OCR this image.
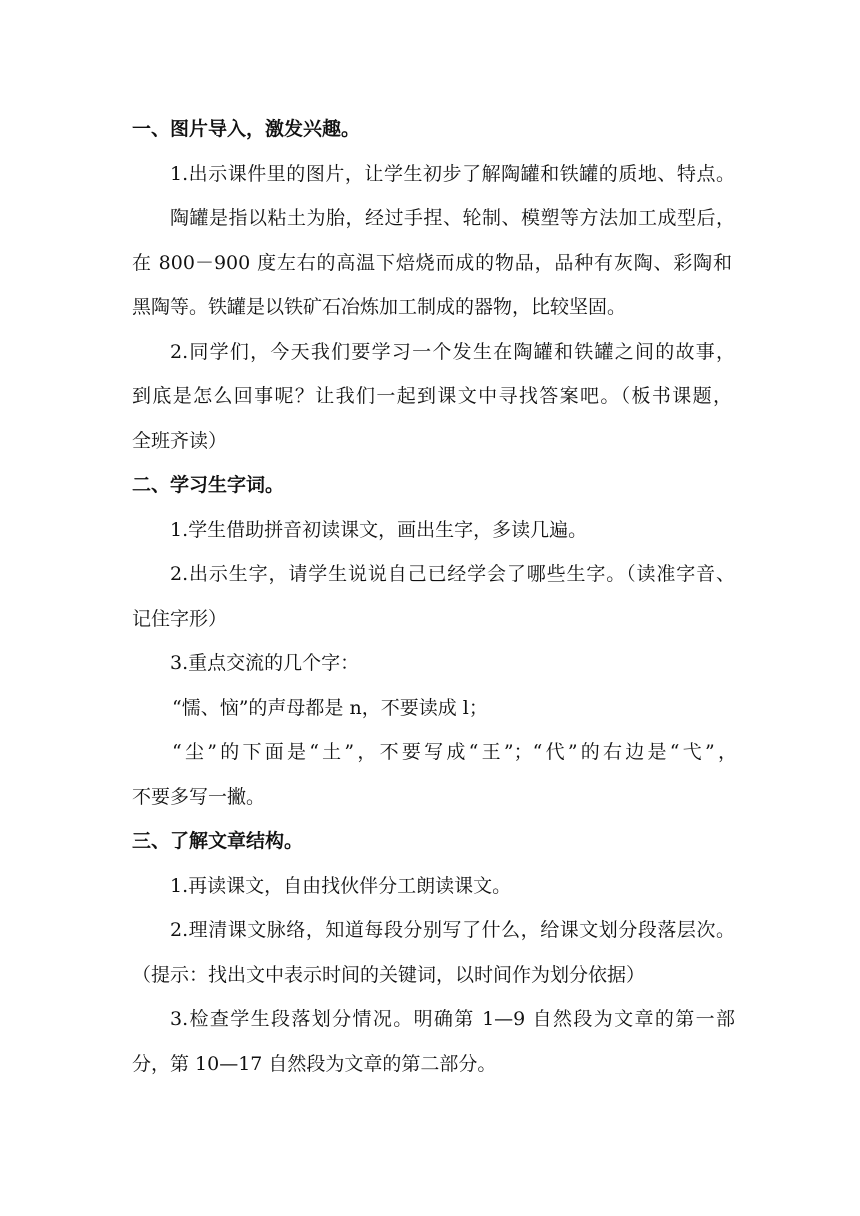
一、图片导入，激发兴趣。
1.出示课件里的图片，让学生初步了解陶罐和铁罐的质地、特点。
陶罐是指以粘土为胎，经过手捏、轮制、模塑等方法加工成型后，
在 800－900 度左右的高温下焙烧而成的物品，品种有灰陶、彩陶和
黑陶等。铁罐是以铁矿石冶炼加工制成的器物，比较坚固。
2.同学们，今天我们要学习一个发生在陶罐和铁罐之间的故事，
到底是怎么回事呢？让我们一起到课文中寻找答案吧。（板书课题，
全班齐读）
二、学习生字词。
1.学生借助拼音初读课文，画出生字，多读几遍。
2.出示生字，请学生说说自己已经学会了哪些生字。（读准字音、
记住字形）
3.重点交流的几个字：
“懦、恼”的声母都是 n，不要读成 l；
“尘”的下面是“土”，不要写成“王”；“代”的右边是“弋”，
不要多写一撇。
三、了解文章结构。
1.再读课文，自由找伙伴分工朗读课文。
2.理清课文脉络，知道每段分别写了什么，给课文划分段落层次。
（提示：找出文中表示时间的关键词，以时间作为划分依据）
3.检查学生段落划分情况。明确第 1—9 自然段为文章的第一部
分，第 10—17 自然段为文章的第二部分。
